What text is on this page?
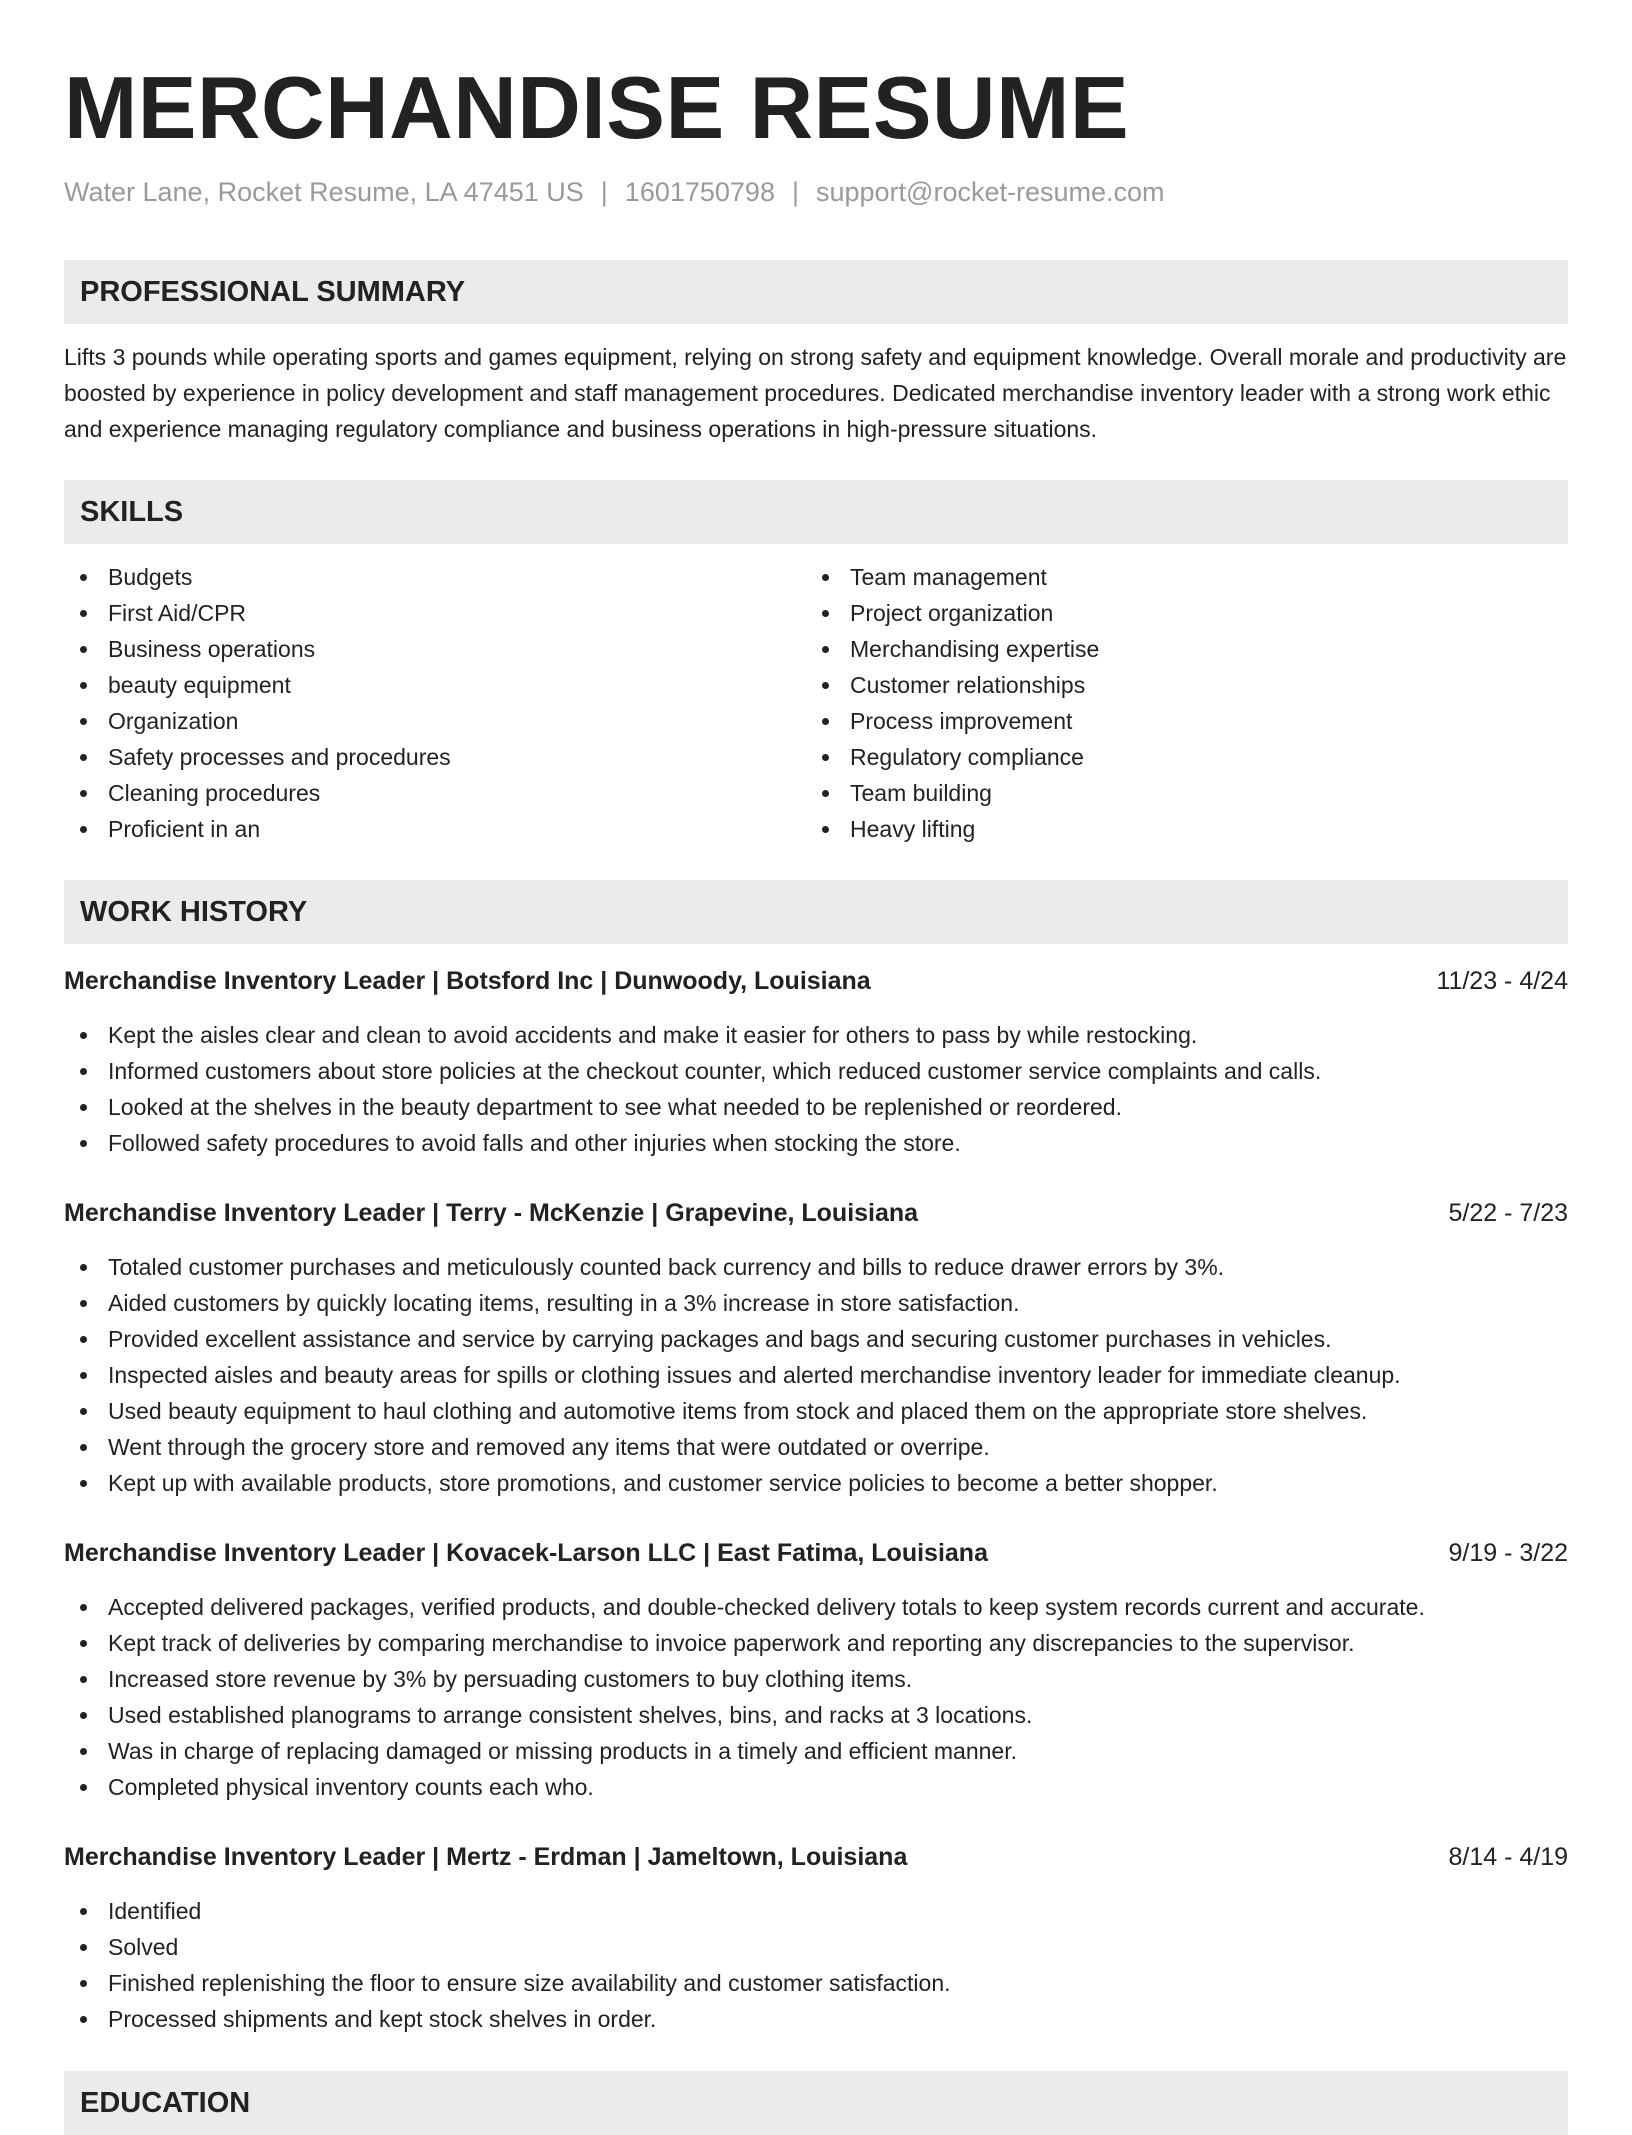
MERCHANDISE RESUME
Water Lane, Rocket Resume, LA 47451 US | 1601750798 | support@rocket-resume.com
PROFESSIONAL SUMMARY
Lifts 3 pounds while operating sports and games equipment, relying on strong safety and equipment knowledge. Overall morale and productivity are boosted by experience in policy development and staff management procedures. Dedicated merchandise inventory leader with a strong work ethic and experience managing regulatory compliance and business operations in high-pressure situations.
SKILLS
Budgets
First Aid/CPR
Business operations
beauty equipment
Organization
Safety processes and procedures
Cleaning procedures
Proficient in an
Team management
Project organization
Merchandising expertise
Customer relationships
Process improvement
Regulatory compliance
Team building
Heavy lifting
WORK HISTORY
Merchandise Inventory Leader | Botsford Inc | Dunwoody, Louisiana	11/23 - 4/24
Kept the aisles clear and clean to avoid accidents and make it easier for others to pass by while restocking.
Informed customers about store policies at the checkout counter, which reduced customer service complaints and calls.
Looked at the shelves in the beauty department to see what needed to be replenished or reordered.
Followed safety procedures to avoid falls and other injuries when stocking the store.
Merchandise Inventory Leader | Terry - McKenzie | Grapevine, Louisiana	5/22 - 7/23
Totaled customer purchases and meticulously counted back currency and bills to reduce drawer errors by 3%.
Aided customers by quickly locating items, resulting in a 3% increase in store satisfaction.
Provided excellent assistance and service by carrying packages and bags and securing customer purchases in vehicles.
Inspected aisles and beauty areas for spills or clothing issues and alerted merchandise inventory leader for immediate cleanup.
Used beauty equipment to haul clothing and automotive items from stock and placed them on the appropriate store shelves.
Went through the grocery store and removed any items that were outdated or overripe.
Kept up with available products, store promotions, and customer service policies to become a better shopper.
Merchandise Inventory Leader | Kovacek-Larson LLC | East Fatima, Louisiana	9/19 - 3/22
Accepted delivered packages, verified products, and double-checked delivery totals to keep system records current and accurate.
Kept track of deliveries by comparing merchandise to invoice paperwork and reporting any discrepancies to the supervisor.
Increased store revenue by 3% by persuading customers to buy clothing items.
Used established planograms to arrange consistent shelves, bins, and racks at 3 locations.
Was in charge of replacing damaged or missing products in a timely and efficient manner.
Completed physical inventory counts each who.
Merchandise Inventory Leader | Mertz - Erdman | Jameltown, Louisiana	8/14 - 4/19
Identified
Solved
Finished replenishing the floor to ensure size availability and customer satisfaction.
Processed shipments and kept stock shelves in order.
EDUCATION
